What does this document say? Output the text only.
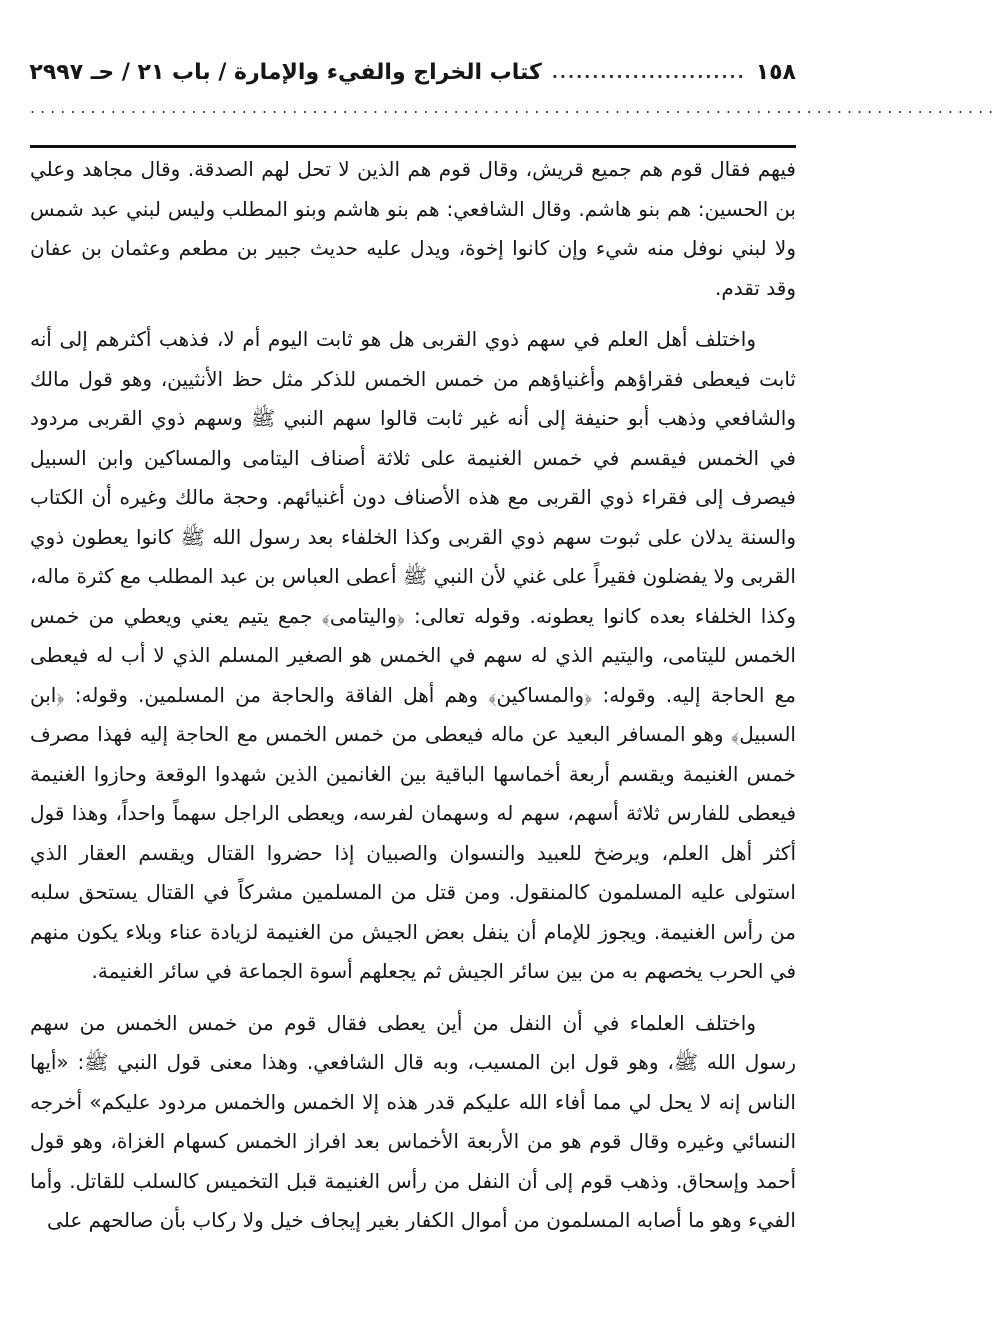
١٥٨
........................
كتاب الخراج والفيء والإمارة / باب ٢١ / حـ ٢٩٩٧
................................................................................................

فيهم فقال قوم هم جميع قريش، وقال قوم هم الذين لا تحل لهم الصدقة. وقال مجاهد وعلي بن الحسين: هم بنو هاشم. وقال الشافعي: هم بنو هاشم وبنو المطلب وليس لبني عبد شمس ولا لبني نوفل منه شيء وإن كانوا إخوة، ويدل عليه حديث جبير بن مطعم وعثمان بن عفان وقد تقدم.

واختلف أهل العلم في سهم ذوي القربى هل هو ثابت اليوم أم لا، فذهب أكثرهم إلى أنه ثابت فيعطى فقراؤهم وأغنياؤهم من خمس الخمس للذكر مثل حظ الأنثيين، وهو قول مالك والشافعي وذهب أبو حنيفة إلى أنه غير ثابت قالوا سهم النبي ﷺ وسهم ذوي القربى مردود في الخمس فيقسم في خمس الغنيمة على ثلاثة أصناف اليتامى والمساكين وابن السبيل فيصرف إلى فقراء ذوي القربى مع هذه الأصناف دون أغنيائهم. وحجة مالك وغيره أن الكتاب والسنة يدلان على ثبوت سهم ذوي القربى وكذا الخلفاء بعد رسول الله ﷺ كانوا يعطون ذوي القربى ولا يفضلون فقيراً على غني لأن النبي ﷺ أعطى العباس بن عبد المطلب مع كثرة ماله، وكذا الخلفاء بعده كانوا يعطونه. وقوله تعالى: ﴿واليتامى﴾ جمع يتيم يعني ويعطي من خمس الخمس لليتامى، واليتيم الذي له سهم في الخمس هو الصغير المسلم الذي لا أب له فيعطى مع الحاجة إليه. وقوله: ﴿والمساكين﴾ وهم أهل الفاقة والحاجة من المسلمين. وقوله: ﴿ابن السبيل﴾ وهو المسافر البعيد عن ماله فيعطى من خمس الخمس مع الحاجة إليه فهذا مصرف خمس الغنيمة ويقسم أربعة أخماسها الباقية بين الغانمين الذين شهدوا الوقعة وحازوا الغنيمة فيعطى للفارس ثلاثة أسهم، سهم له وسهمان لفرسه، ويعطى الراجل سهماً واحداً، وهذا قول أكثر أهل العلم، ويرضخ للعبيد والنسوان والصبيان إذا حضروا القتال ويقسم العقار الذي استولى عليه المسلمون كالمنقول. ومن قتل من المسلمين مشركاً في القتال يستحق سلبه من رأس الغنيمة. ويجوز للإمام أن ينفل بعض الجيش من الغنيمة لزيادة عناء وبلاء يكون منهم في الحرب يخصهم به من بين سائر الجيش ثم يجعلهم أسوة الجماعة في سائر الغنيمة.

واختلف العلماء في أن النفل من أين يعطى فقال قوم من خمس الخمس من سهم رسول الله ﷺ، وهو قول ابن المسيب، وبه قال الشافعي. وهذا معنى قول النبي ﷺ: «أيها الناس إنه لا يحل لي مما أفاء الله عليكم قدر هذه إلا الخمس والخمس مردود عليكم» أخرجه النسائي وغيره وقال قوم هو من الأربعة الأخماس بعد افراز الخمس كسهام الغزاة، وهو قول أحمد وإسحاق. وذهب قوم إلى أن النفل من رأس الغنيمة قبل التخميس كالسلب للقاتل. وأما الفيء وهو ما أصابه المسلمون من أموال الكفار بغير إيجاف خيل ولا ركاب بأن صالحهم على
